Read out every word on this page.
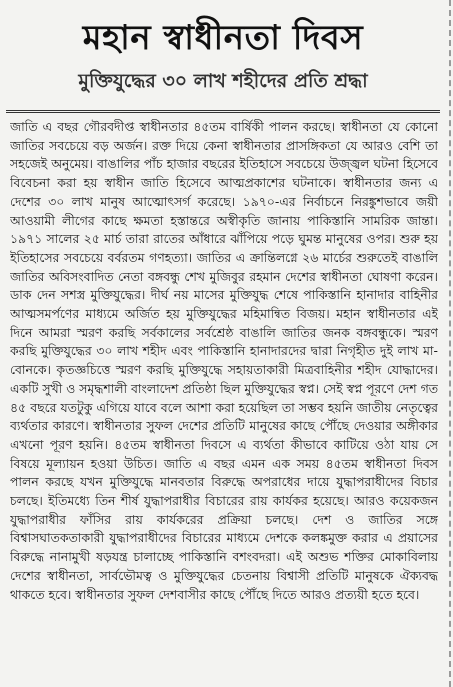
মহান স্বাধীনতা দিবস
মুক্তিযুদ্ধের ৩০ লাখ শহীদের প্রতি শ্রদ্ধা
জাতি এ বছর গৌরবদীপ্ত স্বাধীনতার ৪৫তম বার্ষিকী পালন করছে। স্বাধীনতা যে কোনো জাতির সবচেয়ে বড় অর্জন। রক্ত দিয়ে কেনা স্বাধীনতার প্রাসঙ্গিকতা যে আরও বেশি তা সহজেই অনুমেয়। বাঙালির পাঁচ হাজার বছরের ইতিহাসে সবচেয়ে উজ্জ্বল ঘটনা হিসেবে বিবেচনা করা হয় স্বাধীন জাতি হিসেবে আত্মপ্রকাশের ঘটনাকে। স্বাধীনতার জন্য এ দেশের ৩০ লাখ মানুষ আত্মোৎসর্গ করেছে। ১৯৭০-এর নির্বাচনে নিরঙ্কুশভাবে জয়ী আওয়ামী লীগের কাছে ক্ষমতা হস্তান্তরে অস্বীকৃতি জানায় পাকিস্তানি সামরিক জান্তা। ১৯৭১ সালের ২৫ মার্চ তারা রাতের আঁধারে ঝাঁপিয়ে পড়ে ঘুমন্ত মানুষের ওপর। শুরু হয় ইতিহাসের সবচেয়ে বর্বরতম গণহত্যা। জাতির এ ক্রান্তিলগ্নে ২৬ মার্চের শুরুতেই বাঙালি জাতির অবিসংবাদিত নেতা বঙ্গবন্ধু শেখ মুজিবুর রহমান দেশের স্বাধীনতা ঘোষণা করেন। ডাক দেন সশস্ত্র মুক্তিযুদ্ধের। দীর্ঘ নয় মাসের মুক্তিযুদ্ধ শেষে পাকিস্তানি হানাদার বাহিনীর আত্মসমর্পণের মাধ্যমে অর্জিত হয় মুক্তিযুদ্ধের মহিমান্বিত বিজয়। মহান স্বাধীনতার এই দিনে আমরা স্মরণ করছি সর্বকালের সর্বশ্রেষ্ঠ বাঙালি জাতির জনক বঙ্গবন্ধুকে। স্মরণ করছি মুক্তিযুদ্ধের ৩০ লাখ শহীদ এবং পাকিস্তানি হানাদারদের দ্বারা নিগৃহীত দুই লাখ মা-বোনকে। কৃতজ্ঞচিত্তে স্মরণ করছি মুক্তিযুদ্ধে সহায়তাকারী মিত্রবাহিনীর শহীদ যোদ্ধাদের। একটি সুখী ও সমৃদ্ধশালী বাংলাদেশ প্রতিষ্ঠা ছিল মুক্তিযুদ্ধের স্বপ্ন। সেই স্বপ্ন পূরণে দেশ গত ৪৫ বছরে যতটুকু এগিয়ে যাবে বলে আশা করা হয়েছিল তা সম্ভব হয়নি জাতীয় নেতৃত্বের ব্যর্থতার কারণে। স্বাধীনতার সুফল দেশের প্রতিটি মানুষের কাছে পৌঁছে দেওয়ার অঙ্গীকার এখনো পূরণ হয়নি। ৪৫তম স্বাধীনতা দিবসে এ ব্যর্থতা কীভাবে কাটিয়ে ওঠা যায় সে বিষয়ে মূল্যায়ন হওয়া উচিত। জাতি এ বছর এমন এক সময় ৪৫তম স্বাধীনতা দিবস পালন করছে যখন মুক্তিযুদ্ধে মানবতার বিরুদ্ধে অপরাধের দায়ে যুদ্ধাপরাধীদের বিচার চলছে। ইতিমধ্যে তিন শীর্ষ যুদ্ধাপরাধীর বিচারের রায় কার্যকর হয়েছে। আরও কয়েকজন যুদ্ধাপরাধীর ফাঁসির রায় কার্যকরের প্রক্রিয়া চলছে। দেশ ও জাতির সঙ্গে বিশ্বাসঘাতকতাকারী যুদ্ধাপরাধীদের বিচারের মাধ্যমে দেশকে কলঙ্কমুক্ত করার এ প্রয়াসের বিরুদ্ধে নানামুখী ষড়যন্ত্র চালাচ্ছে পাকিস্তানি বশংবদরা। এই অশুভ শক্তির মোকাবিলায় দেশের স্বাধীনতা, সার্বভৌমত্ব ও মুক্তিযুদ্ধের চেতনায় বিশ্বাসী প্রতিটি মানুষকে ঐক্যবদ্ধ থাকতে হবে। স্বাধীনতার সুফল দেশবাসীর কাছে পৌঁছে দিতে আরও প্রত্যয়ী হতে হবে।
